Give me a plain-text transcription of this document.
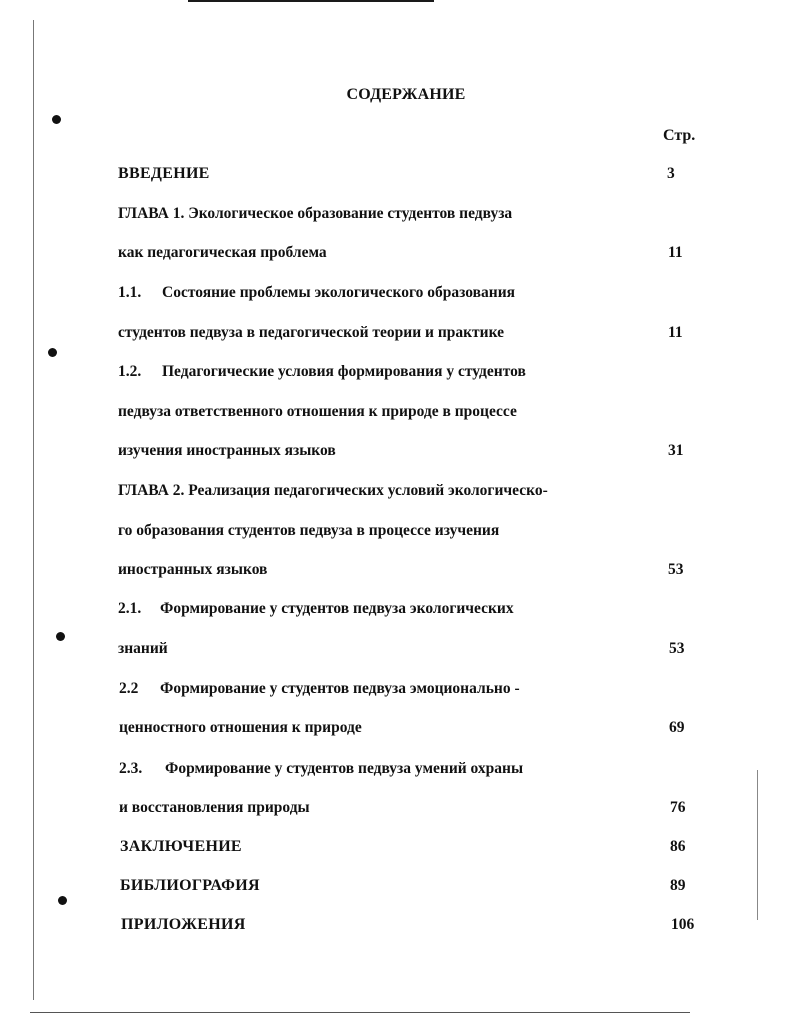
СОДЕРЖАНИЕ
Стр.
ВВЕДЕНИЕ	3
ГЛАВА 1. Экологическое образование студентов педвуза
как педагогическая проблема	11
1.1. Состояние проблемы экологического образования
студентов педвуза в педагогической теории и практике	11
1.2. Педагогические условия формирования у студентов
педвуза ответственного отношения к природе в процессе
изучения иностранных языков	31
ГЛАВА 2. Реализация педагогических условий экологическо-
го образования студентов педвуза в процессе изучения
иностранных языков	53
2.1. Формирование у студентов педвуза экологических
знаний	53
2.2 Формирование у студентов педвуза эмоционально -
ценностного отношения к природе	69
2.3. Формирование у студентов педвуза умений охраны
и восстановления природы	76
ЗАКЛЮЧЕНИЕ	86
БИБЛИОГРАФИЯ	89
ПРИЛОЖЕНИЯ	106
